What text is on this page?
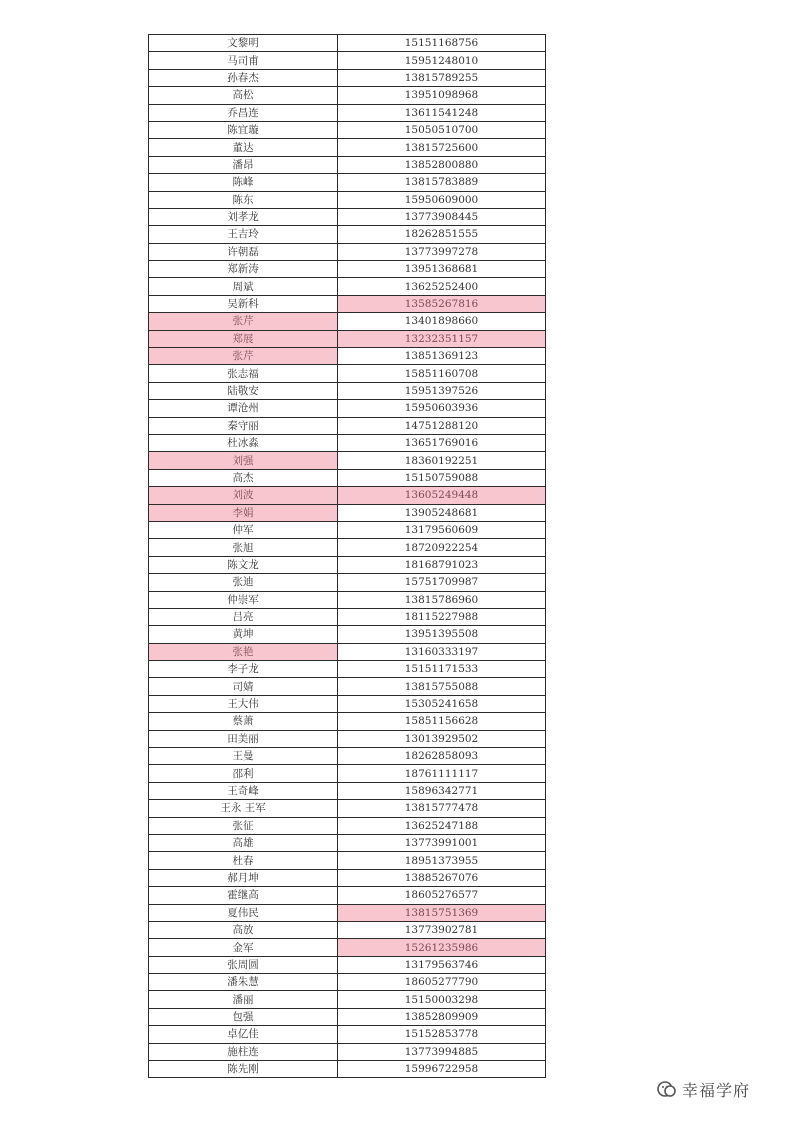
文黎明	15151168756
马司甫	15951248010
孙春杰	13815789255
高松	13951098968
乔昌连	13611541248
陈宜璇	15050510700
董达	13815725600
潘昂	13852800880
陈峰	13815783889
陈东	15950609000
刘孝龙	13773908445
王吉玲	18262851555
许朝磊	13773997278
郑新涛	13951368681
周斌	13625252400
吴新科	13585267816
张芹	13401898660
郑展	13232351157
张芹	13851369123
张志福	15851160708
陆敬安	15951397526
谭沧州	15950603936
秦守丽	14751288120
杜冰淼	13651769016
刘强	18360192251
高杰	15150759088
刘波	13605249448
李娟	13905248681
仲军	13179560609
张旭	18720922254
陈文龙	18168791023
张迪	15751709987
仲崇军	13815786960
吕亮	18115227988
黄坤	13951395508
张艳	13160333197
李子龙	15151171533
司婧	13815755088
王大伟	15305241658
蔡萧	15851156628
田美丽	13013929502
王曼	18262858093
邵利	18761111117
王奇峰	15896342771
王永 王军	13815777478
张征	13625247188
高雄	13773991001
杜春	18951373955
郝月坤	13885267076
霍继高	18605276577
夏伟民	13815751369
高放	13773902781
金军	15261235986
张周圆	13179563746
潘朱慧	18605277790
潘丽	15150003298
包强	13852809909
卓亿佳	15152853778
施柱连	13773994885
陈先刚	15996722958
幸福学府
